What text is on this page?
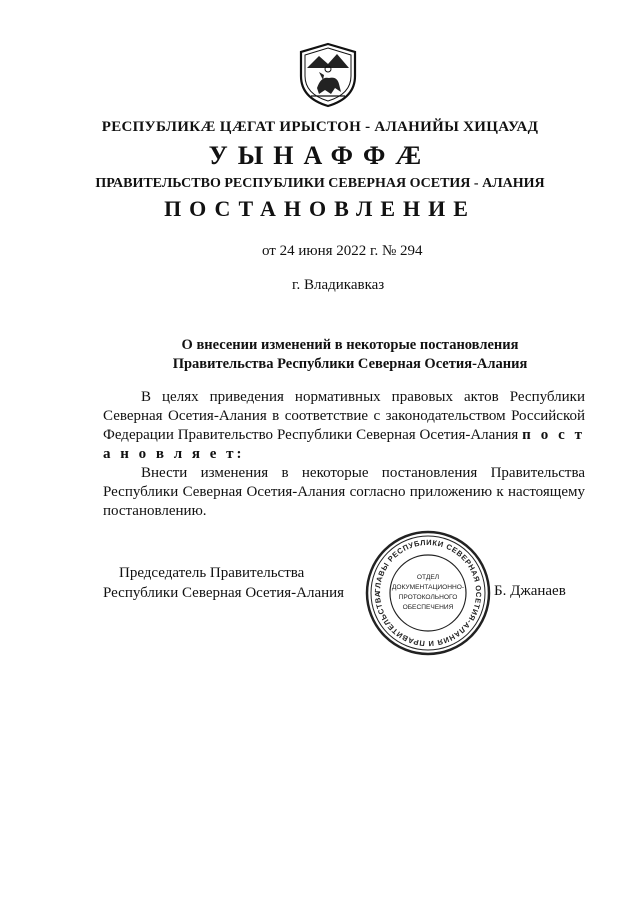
РЕСПУБЛИКӔ ЦӔГАТ ИРЫСТОН - АЛАНИЙЫ ХИЦАУАД
УЫНАФФӔ
ПРАВИТЕЛЬСТВО РЕСПУБЛИКИ СЕВЕРНАЯ ОСЕТИЯ - АЛАНИЯ
ПОСТАНОВЛЕНИЕ
от 24 июня 2022 г. № 294
г. Владикавказ
О внесении изменений в некоторые постановления
Правительства Республики Северная Осетия-Алания

В целях приведения нормативных правовых актов Республики Северная Осетия-Алания в соответствие с законодательством Российской Федерации Правительство Республики Северная Осетия-Алания п о с т а н о в л я е т:

Внести изменения в некоторые постановления Правительства Республики Северная Осетия-Алания согласно приложению к настоящему постановлению.

Председатель Правительства
Республики Северная Осетия-Алания	ГЛАВЫ РЕСПУБЛИКИ СЕВЕРНАЯ ОСЕТИЯ-АЛАНИЯ И ПРАВИТЕЛЬСТВА
ОТДЕЛ
ДОКУМЕНТАЦИОННО-
ПРОТОКОЛЬНОГО
ОБЕСПЕЧЕНИЯ
Б. Джанаев
